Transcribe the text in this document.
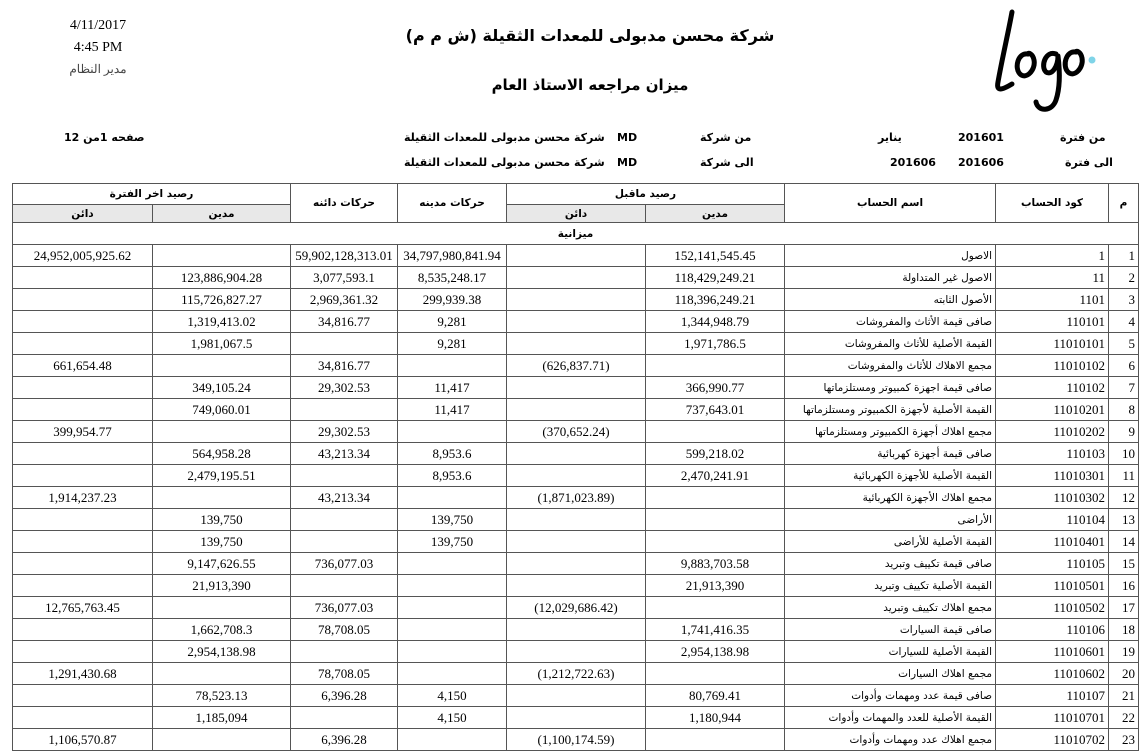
4/11/2017
4:45 PM
مدير النظام
شركة محسن مدبولى للمعدات الثقيلة (ش م م)
ميزان مراجعه الاستاذ العام
من فترة
201601
يناير
من شركة
MD
شركة محسن مدبولى للمعدات الثقيلة
صفحه 1من 12
الى فترة
201606
201606
الى شركة
MD
شركة محسن مدبولى للمعدات الثقيلة
رصيد اخر الفترة		حركات دائنه	حركات مدينه	رصيد ماقبل		اسم الحساب	كود الحساب	م
دائن	مدين			دائن	مدين			
ميزانية								
24,952,005,925.62		59,902,128,313.01	34,797,980,841.94		152,141,545.45	الاصول	1	1
	123,886,904.28	3,077,593.1	8,535,248.17		118,429,249.21	الاصول غير المتداولة	11	2
	115,726,827.27	2,969,361.32	299,939.38		118,396,249.21	الأصول الثابته	1101	3
	1,319,413.02	34,816.77	9,281		1,344,948.79	صافى قيمة الأثاث والمفروشات	110101	4
	1,981,067.5		9,281		1,971,786.5	القيمة الأصلية للأثاث والمفروشات	11010101	5
661,654.48		34,816.77		(626,837.71)		مجمع الاهلاك للأثاث والمفروشات	11010102	6
	349,105.24	29,302.53	11,417		366,990.77	صافى قيمة اجهزة كمبيوتر ومستلزماتها	110102	7
	749,060.01		11,417		737,643.01	القيمة الأصلية لأجهزة الكمبيوتر ومستلزماتها	11010201	8
399,954.77		29,302.53		(370,652.24)		مجمع اهلاك أجهزة الكمبيوتر ومستلزماتها	11010202	9
	564,958.28	43,213.34	8,953.6		599,218.02	صافى قيمة أجهزة كهربائية	110103	10
	2,479,195.51		8,953.6		2,470,241.91	القيمة الأصلية للأجهزة الكهربائية	11010301	11
1,914,237.23		43,213.34		(1,871,023.89)		مجمع اهلاك الأجهزة الكهربائية	11010302	12
	139,750		139,750			الأراضى	110104	13
	139,750		139,750			القيمة الأصلية للأراضى	11010401	14
	9,147,626.55	736,077.03			9,883,703.58	صافى قيمة تكييف وتبريد	110105	15
	21,913,390				21,913,390	القيمة الأصلية تكييف وتبريد	11010501	16
12,765,763.45		736,077.03		(12,029,686.42)		مجمع اهلاك تكييف وتبريد	11010502	17
	1,662,708.3	78,708.05			1,741,416.35	صافى قيمة السيارات	110106	18
	2,954,138.98				2,954,138.98	القيمة الأصلية للسيارات	11010601	19
1,291,430.68		78,708.05		(1,212,722.63)		مجمع اهلاك السيارات	11010602	20
	78,523.13	6,396.28	4,150		80,769.41	صافى قيمة عدد ومهمات وأدوات	110107	21
	1,185,094		4,150		1,180,944	القيمة الأصلية للعدد والمهمات وأدوات	11010701	22
1,106,570.87		6,396.28		(1,100,174.59)		مجمع اهلاك عدد ومهمات وأدوات	11010702	23
